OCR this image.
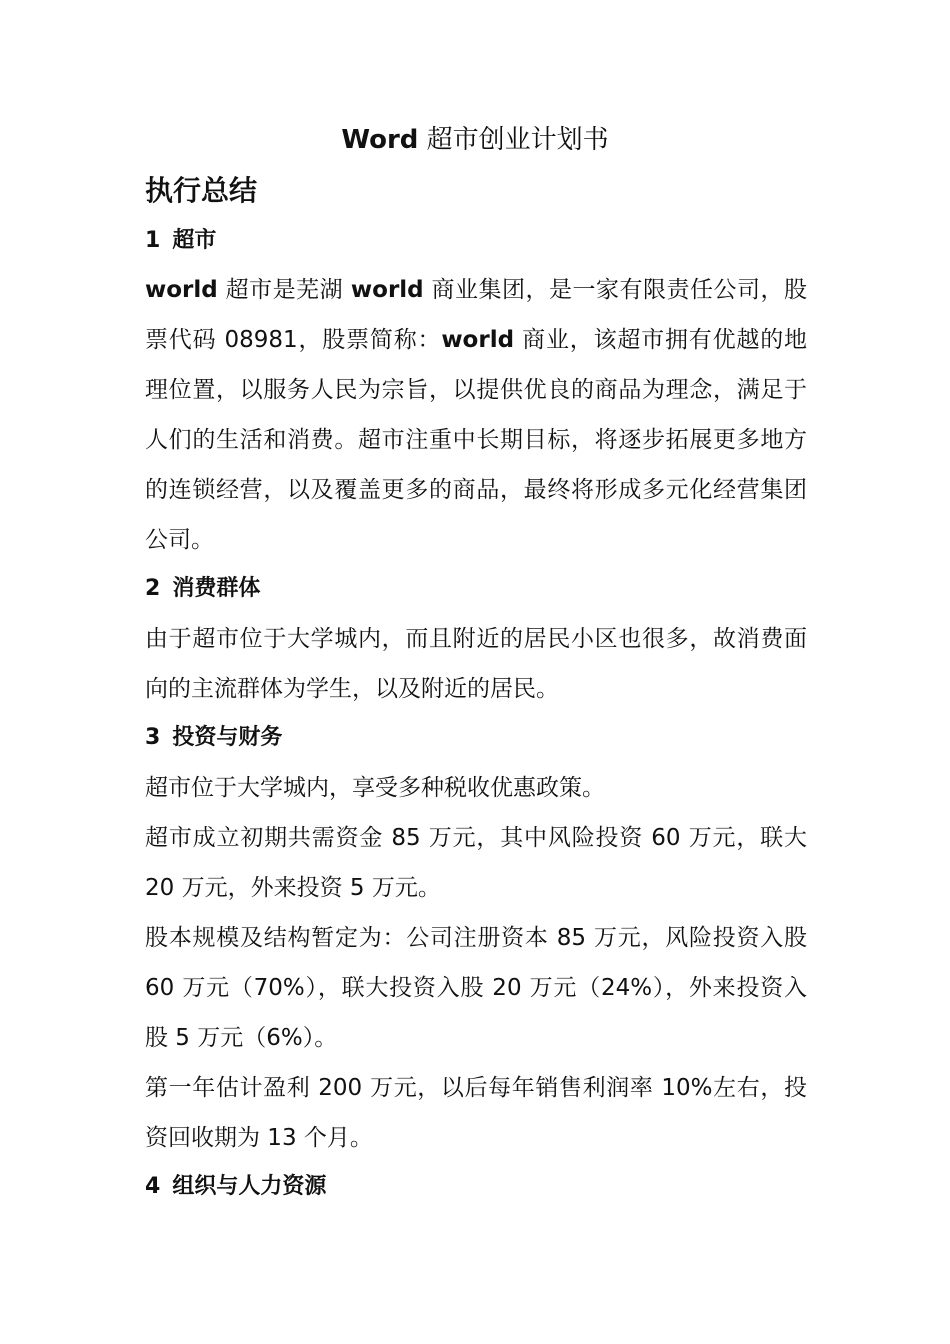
Word 超市创业计划书
执行总结
1 超市

world 超市是芜湖 world 商业集团，是一家有限责任公司，股票代码 08981，股票简称：world 商业，该超市拥有优越的地理位置，以服务人民为宗旨，以提供优良的商品为理念，满足于人们的生活和消费。超市注重中长期目标，将逐步拓展更多地方的连锁经营，以及覆盖更多的商品，最终将形成多元化经营集团公司。

2 消费群体

由于超市位于大学城内，而且附近的居民小区也很多，故消费面向的主流群体为学生，以及附近的居民。

3 投资与财务

超市位于大学城内，享受多种税收优惠政策。

超市成立初期共需资金 85 万元，其中风险投资 60 万元，联大 20 万元，外来投资 5 万元。

股本规模及结构暂定为：公司注册资本 85 万元，风险投资入股 60 万元（70%），联大投资入股 20 万元（24%），外来投资入股 5 万元（6%）。

第一年估计盈利 200 万元，以后每年销售利润率 10%左右，投资回收期为 13 个月。

4 组织与人力资源
